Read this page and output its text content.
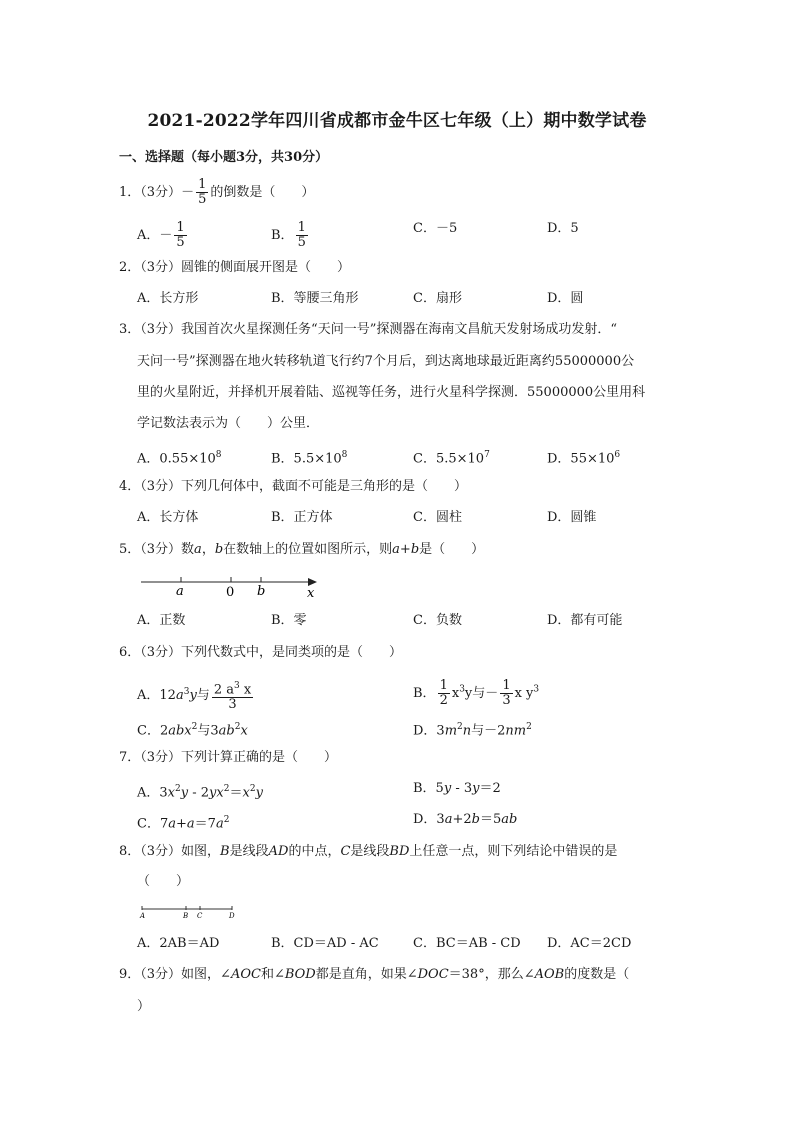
2021-2022学年四川省成都市金牛区七年级（上）期中数学试卷
一、选择题（每小题3分，共30分）
1．（3分）－ $\frac{1}{5}$ 的倒数是（　　）
A．－ $\frac{1}{5}$	B． $\frac{1}{5}$	C．－5	D．5
2．（3分）圆锥的侧面展开图是（　　）
A．长方形	B．等腰三角形	C．扇形	D．圆
3．（3分）我国首次火星探测任务“天问一号”探测器在海南文昌航天发射场成功发射．“
天问一号”探测器在地火转移轨道飞行约7个月后，到达离地球最近距离约55000000公
里的火星附近，并择机开展着陆、巡视等任务，进行火星科学探测．55000000公里用科
学记数法表示为（　　）公里．
A．$0.55\times 10^8$	B．$5.5\times 10^8$	C．$5.5\times 10^7$	D．$55\times 10^6$
4．（3分）下列几何体中，截面不可能是三角形的是（　　）
A．长方体	B．正方体	C．圆柱	D．圆锥
5．（3分）数a，b在数轴上的位置如图所示，则a+b是（　　）
a	0 b	x
A．正数	B．零	C．负数	D．都有可能
6．（3分）下列代数式中，是同类项的是（　　）
A．$12a^3y$与 $\frac{2 a^3 x}{3}$	B． $\frac{1}{2} x^3y$与－ $\frac{1}{3}$ x $y^3$
C．2abx$^2$与$3ab^2x$	D．$3m^2n$与$-2nm^2$
7．（3分）下列计算正确的是（　　）
A．$3x^2y - 2yx^2=x^2y$	B．5y - 3y＝2
C．$7a+a=7a^2$	D．3a+2b＝5ab
8．（3分）如图，B是线段AD的中点，C是线段BD上任意一点，则下列结论中错误的是
（　　）
A	B C	D
A．2AB＝AD	B．CD＝AD - AC	C．BC＝AB - CD D．AC＝2CD
9．（3分）如图，∠AOC和∠BOD都是直角，如果∠DOC＝38°，那么∠AOB的度数是（
）
